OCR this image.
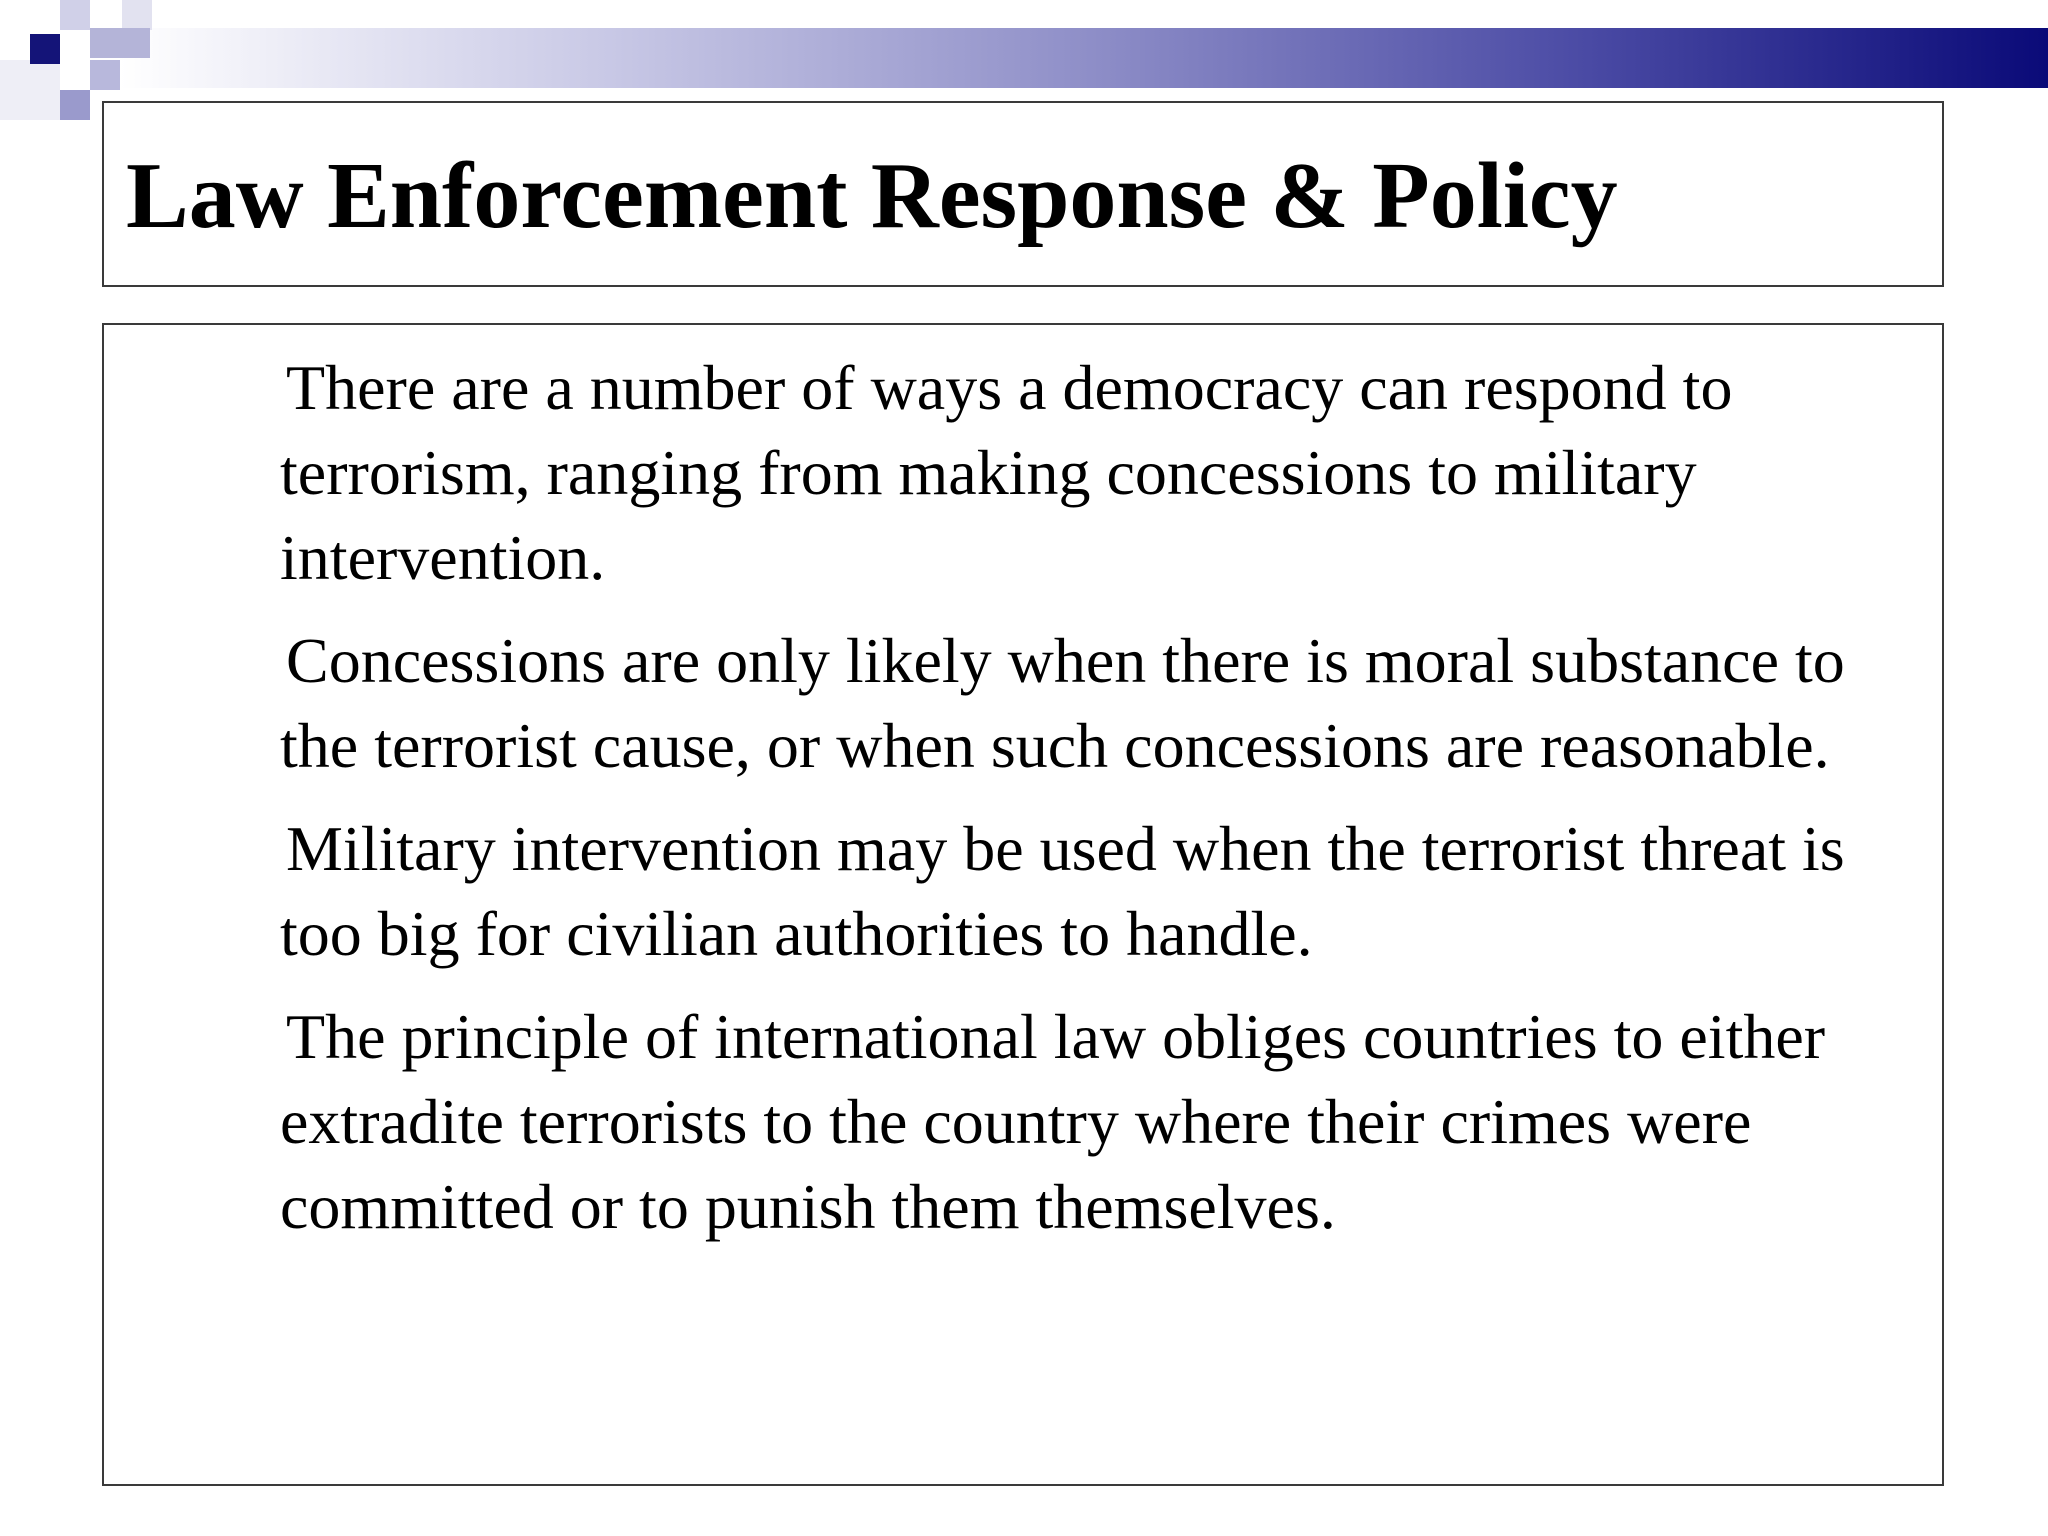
Law Enforcement Response & Policy
There are a number of ways a democracy can respond to terrorism, ranging from making concessions to military intervention.
Concessions are only likely when there is moral substance to the terrorist cause, or when such concessions are reasonable.
Military intervention may be used when the terrorist threat is too big for civilian authorities to handle.
The principle of international law obliges countries to either extradite terrorists to the country where their crimes were committed or to punish them themselves.
